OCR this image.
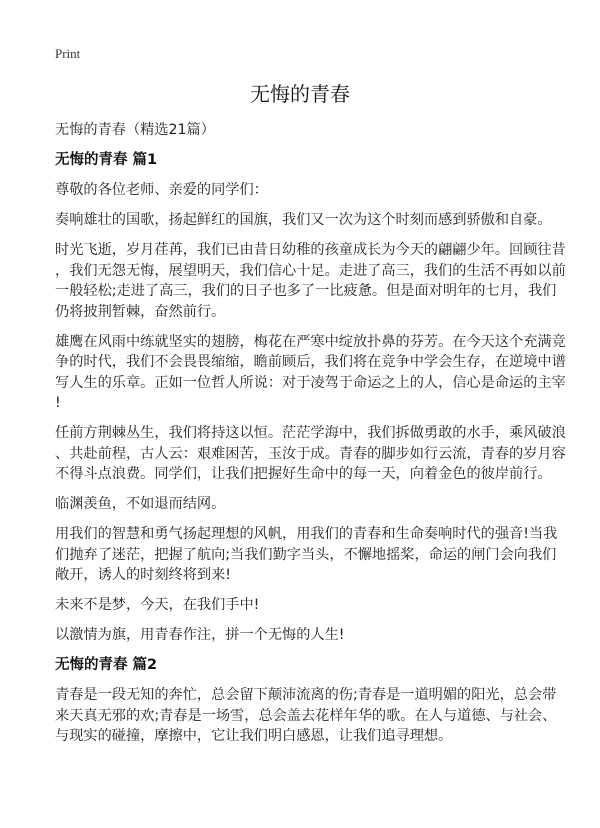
Print
无悔的青春

无悔的青春（精选21篇）

无悔的青春 篇1

尊敬的各位老师、亲爱的同学们：

奏响雄壮的国歌，扬起鲜红的国旗，我们又一次为这个时刻而感到骄傲和自豪。

时光飞逝，岁月荏苒，我们已由昔日幼稚的孩童成长为今天的翩翩少年。回顾往昔
，我们无怨无悔，展望明天，我们信心十足。走进了高三，我们的生活不再如以前
一般轻松;走进了高三，我们的日子也多了一比疲惫。但是面对明年的七月，我们
仍将披荆暂棘，奋然前行。

雄鹰在风雨中练就坚实的翅膀，梅花在严寒中绽放扑鼻的芬芳。在今天这个充满竞
争的时代，我们不会畏畏缩缩，瞻前顾后，我们将在竞争中学会生存，在逆境中谱
写人生的乐章。正如一位哲人所说：对于凌驾于命运之上的人，信心是命运的主宰
!

任前方荆棘丛生，我们将持这以恒。茫茫学海中，我们拆做勇敢的水手，乘风破浪
、共赴前程，古人云：艰难困苦，玉汝于成。青春的脚步如行云流，青春的岁月容
不得斗点浪费。同学们，让我们把握好生命中的每一天，向着金色的彼岸前行。

临渊羡鱼，不如退而结网。

用我们的智慧和勇气扬起理想的风帆，用我们的青春和生命奏响时代的强音!当我
们抛弃了迷茫，把握了航向;当我们勤字当头，不懈地摇桨，命运的闸门会向我们
敞开，诱人的时刻终将到来!

未来不是梦，今天，在我们手中!

以激情为旗，用青春作注，拼一个无悔的人生!

无悔的青春 篇2

青春是一段无知的奔忙，总会留下颠沛流离的伤;青春是一道明媚的阳光，总会带
来天真无邪的欢;青春是一场雪，总会盖去花样年华的歌。在人与道德、与社会、
与现实的碰撞，摩擦中，它让我们明白感恩，让我们追寻理想。
